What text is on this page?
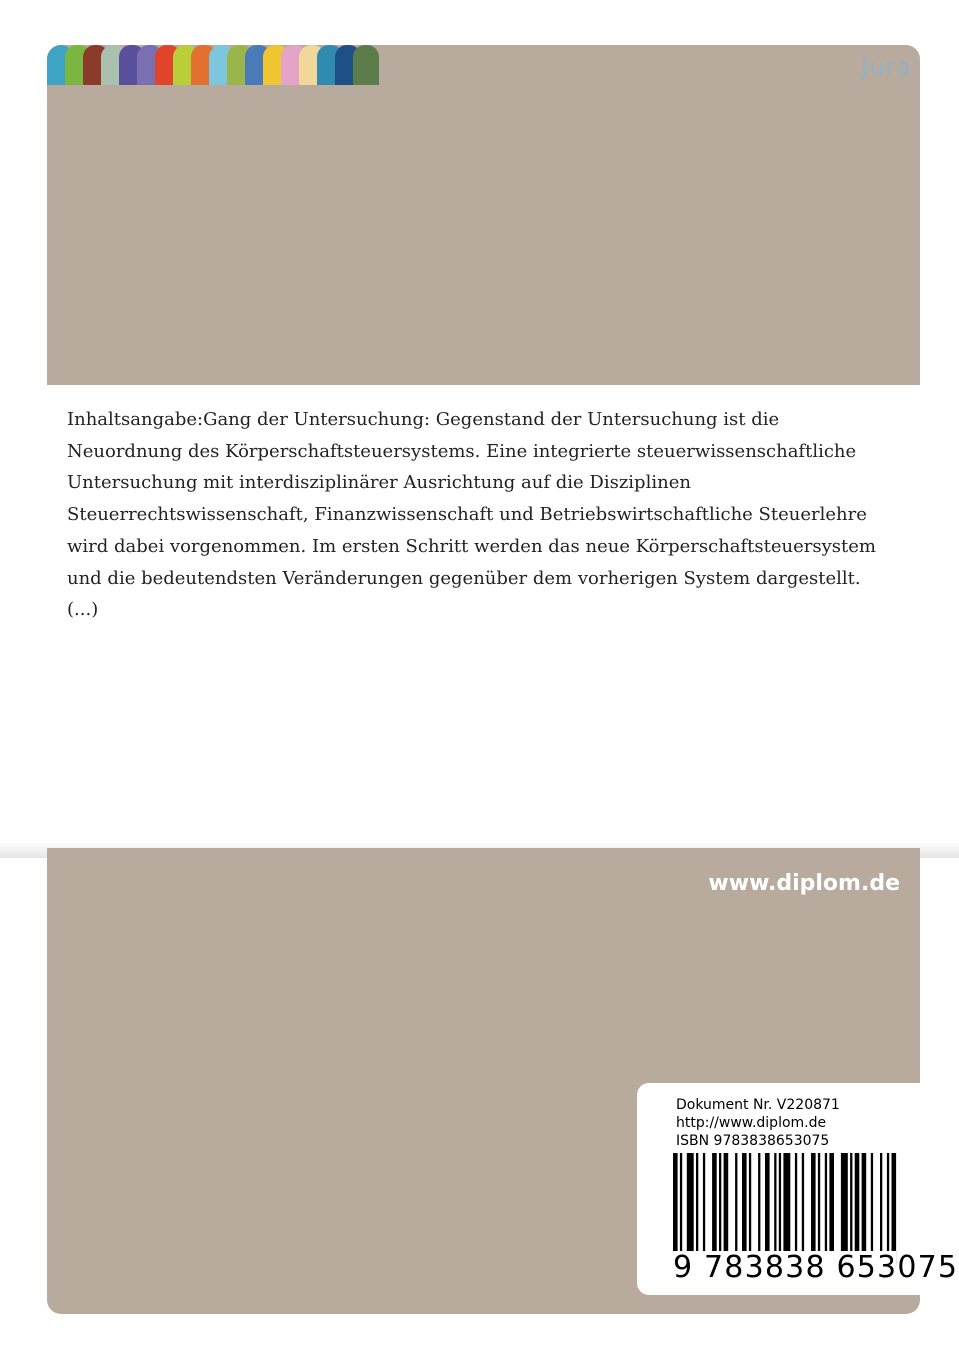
Jura

Inhaltsangabe:Gang der Untersuchung: Gegenstand der Untersuchung ist die Neuordnung des Körperschaftsteuersystems. Eine integrierte steuerwissenschaftliche Untersuchung mit interdisziplinärer Ausrichtung auf die Disziplinen Steuerrechtswissenschaft, Finanzwissenschaft und Betriebswirtschaftliche Steuerlehre wird dabei vorgenommen. Im ersten Schritt werden das neue Körperschaftsteuersystem und die bedeutendsten Veränderungen gegenüber dem vorherigen System dargestellt. (...)

www.diplom.de
Dokument Nr. V220871
http://www.diplom.de
ISBN 9783838653075
9 783838 653075
